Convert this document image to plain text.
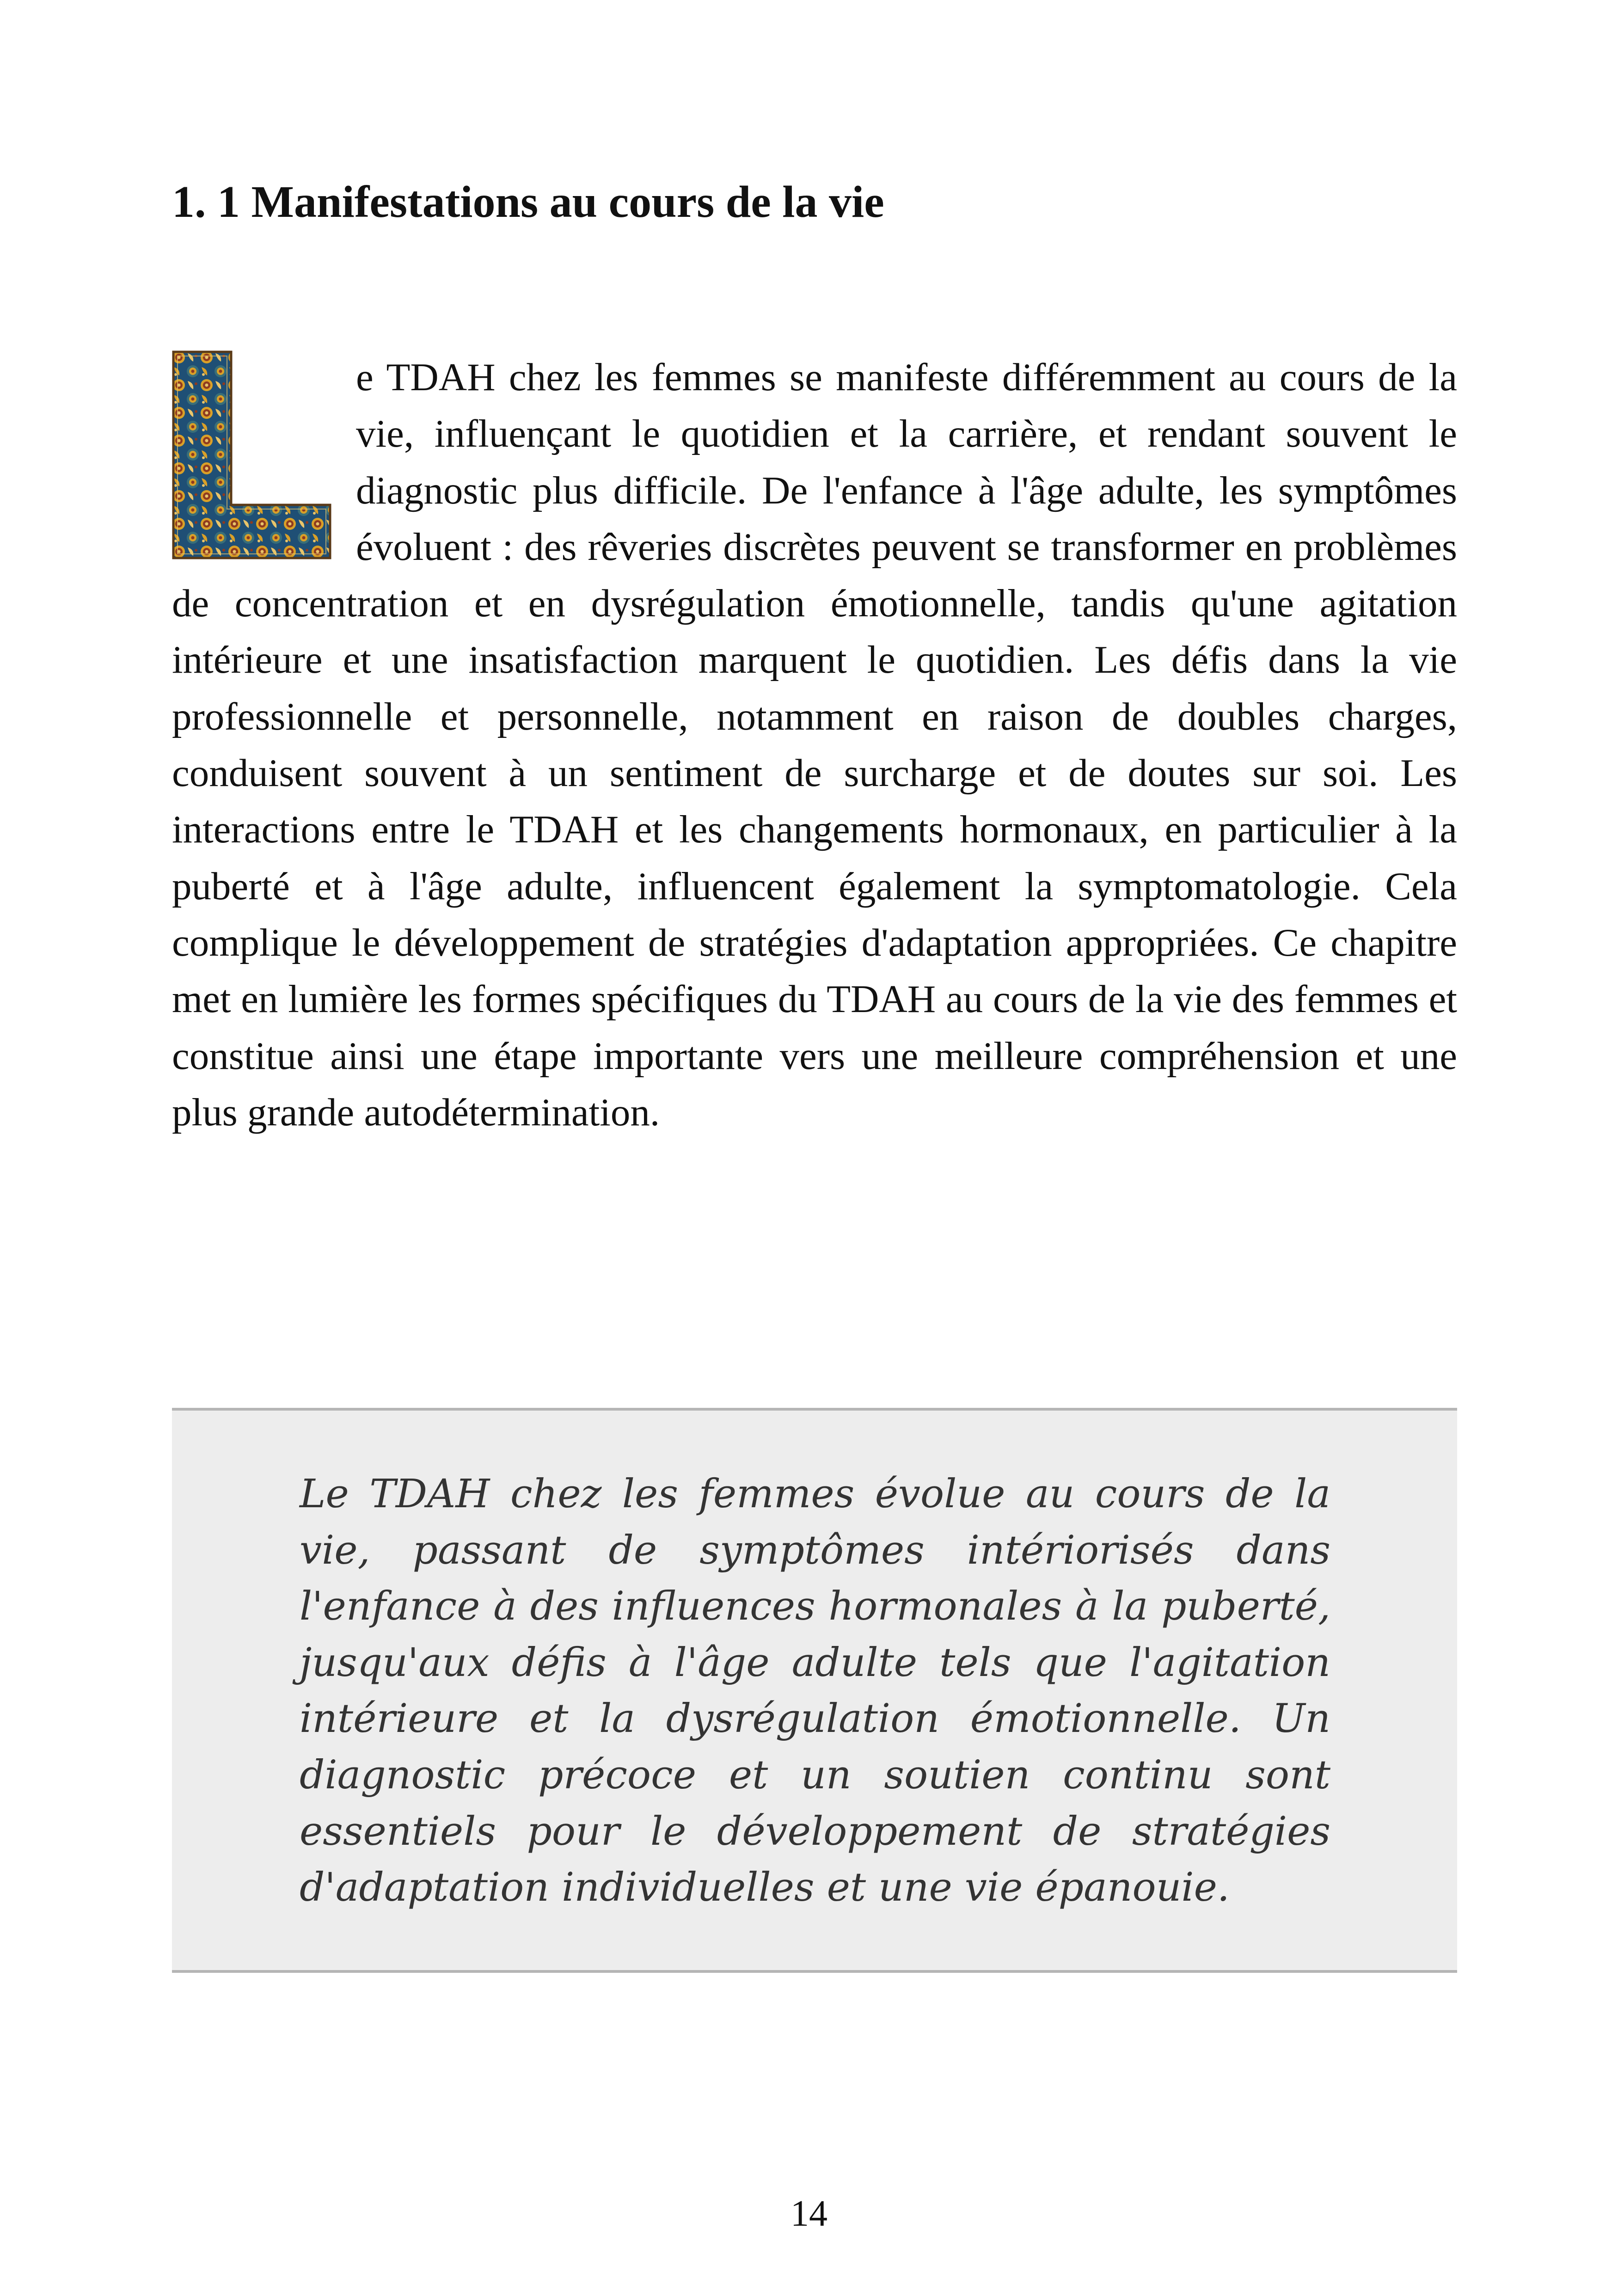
1. 1 Manifestations au cours de la vie

e TDAH chez les femmes se manifeste différemment au cours de la vie, influençant le quotidien et la carrière, et rendant souvent le diagnostic plus difficile. De l'enfance à l'âge adulte, les symptômes évoluent : des rêveries discrètes peuvent se transformer en problèmes de concentration et en dysrégulation émotionnelle, tandis qu'une agitation intérieure et une insatisfaction marquent le quotidien. Les défis dans la vie professionnelle et personnelle, notamment en raison de doubles charges, conduisent souvent à un sentiment de surcharge et de doutes sur soi. Les interactions entre le TDAH et les changements hormonaux, en particulier à la puberté et à l'âge adulte, influencent également la symptomatologie. Cela complique le développement de stratégies d'adaptation appropriées. Ce chapitre met en lumière les formes spécifiques du TDAH au cours de la vie des femmes et constitue ainsi une étape importante vers une meilleure compréhension et une plus grande autodétermination.

Le TDAH chez les femmes évolue au cours de la vie, passant de symptômes intériorisés dans l'enfance à des influences hormonales à la puberté, jusqu'aux défis à l'âge adulte tels que l'agitation intérieure et la dysrégulation émotionnelle. Un diagnostic précoce et un soutien continu sont essentiels pour le développement de stratégies d'adaptation individuelles et une vie épanouie.

14
